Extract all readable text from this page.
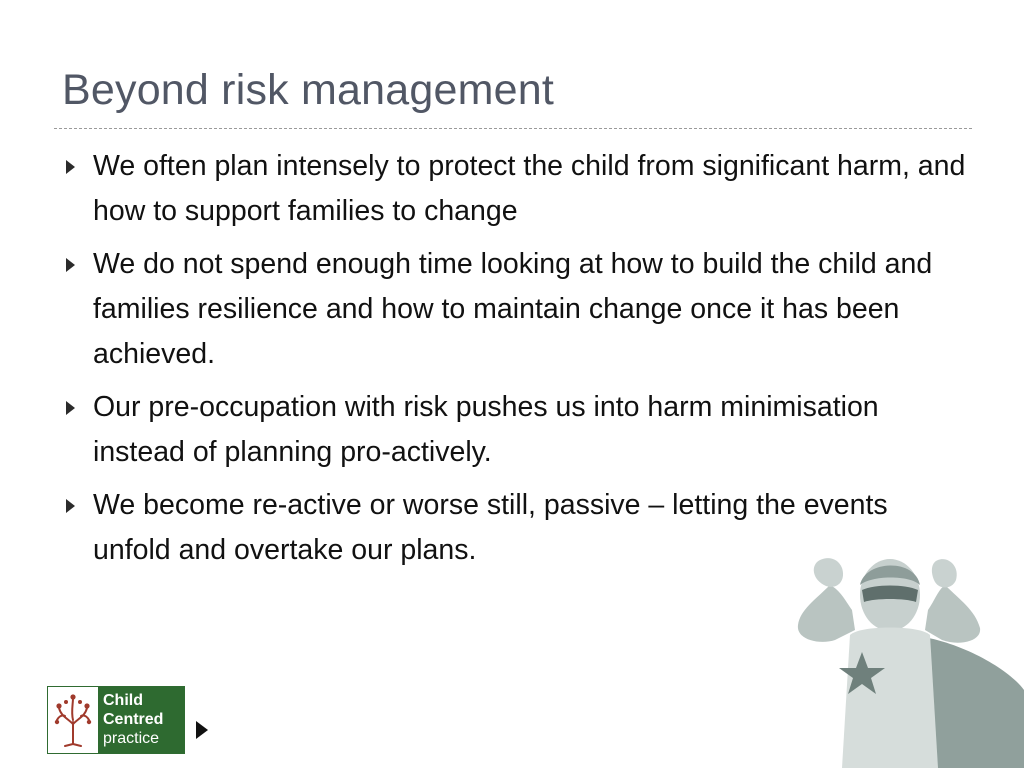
Beyond risk management
We often plan intensely to protect the child from significant harm, and how to support families to change
We do not spend enough time looking at how to build the child and families resilience and how to maintain change once it has been achieved.
Our pre-occupation with risk pushes us into harm minimisation instead of planning pro-actively.
We become re-active or worse still, passive – letting the events unfold and overtake our plans.
Child
Centred
practice
